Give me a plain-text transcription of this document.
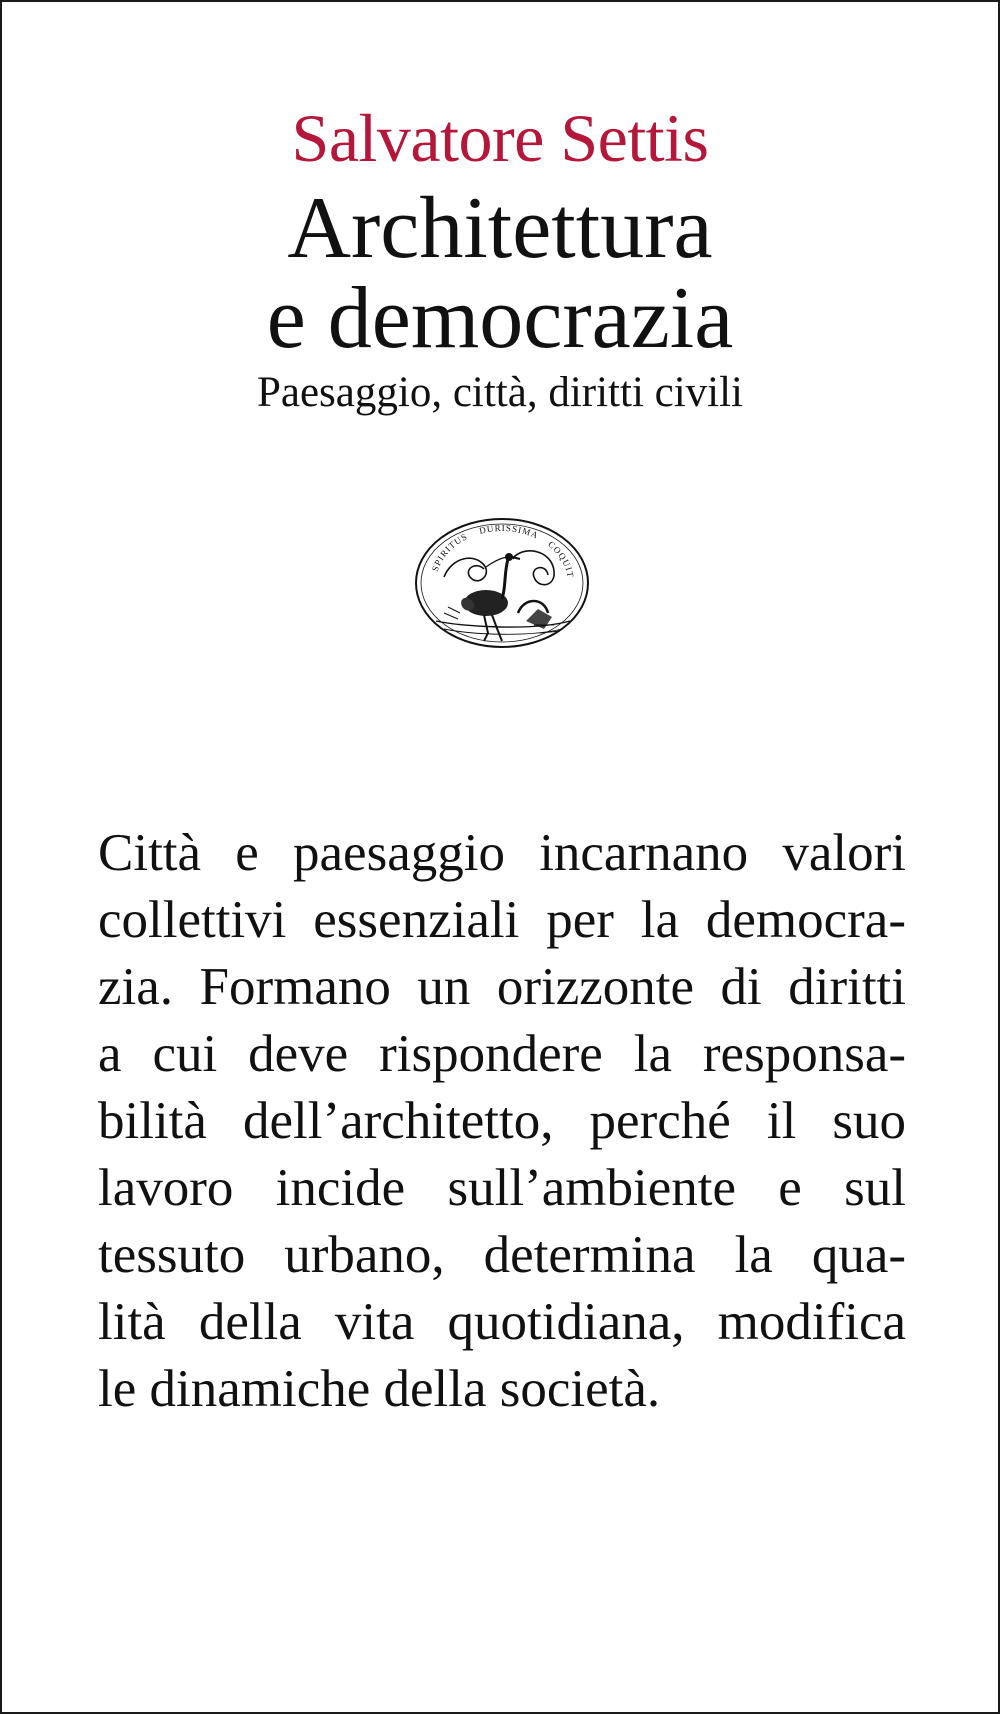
Salvatore Settis
Architettura
e democrazia
Paesaggio, città, diritti civili
SPIRITUS
DURISSIMA
COQUIT
Città e paesaggio incarnano valori
collettivi essenziali per la democra-
zia. Formano un orizzonte di diritti
a cui deve rispondere la responsa-
bilità dell’architetto, perché il suo
lavoro incide sull’ambiente e sul
tessuto urbano, determina la qua-
lità della vita quotidiana, modifica
le dinamiche della società.
